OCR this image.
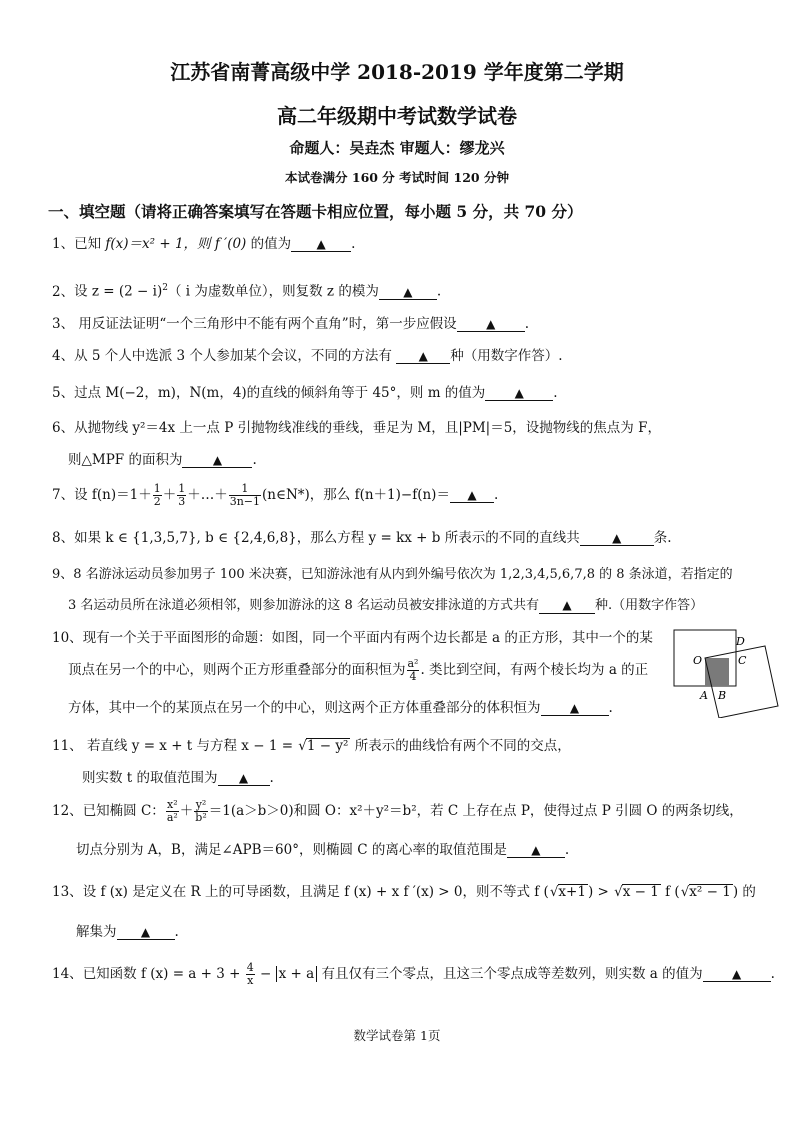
江苏省南菁高级中学 2018-2019 学年度第二学期
高二年级期中考试数学试卷
命题人：吴垚杰 审题人：缪龙兴
本试卷满分 160 分 考试时间 120 分钟
一、填空题（请将正确答案填写在答题卡相应位置，每小题 5 分，共 70 分）
1、已知 f(x)＝x² + 1，则 f ′(0) 的值为 ▲ .
2、设 $z = (2 - i)^2$（ i 为虚数单位），则复数 z 的模为 ▲ .
3、 用反证法证明“一个三角形中不能有两个直角”时，第一步应假设 ▲ .
4、从 5 个人中选派 3 个人参加某个会议，不同的方法有 ▲ 种（用数字作答）.
5、过点 M(−2，m)，N(m，4)的直线的倾斜角等于 45°，则 m 的值为 ▲ .
6、从抛物线 y²＝4x 上一点 P 引抛物线准线的垂线，垂足为 M，且|PM|＝5，设抛物线的焦点为 F，
则△MPF 的面积为	▲ .
7、设 $f(n)=1+ \frac{1}{2} + \frac{1}{3}$ ＋…＋ $\frac{1}{3n-1}$ (n∈N*)，那么 f(n＋1)−f(n)＝ ▲ .
8、如果 k ∈ {1,3,5,7}, b ∈ {2,4,6,8}，那么方程 y = kx + b 所表示的不同的直线共	▲ 条.
9、8 名游泳运动员参加男子 100 米决赛，已知游泳池有从内到外编号依次为 1,2,3,4,5,6,7,8 的 8 条泳道，若指定的
3 名运动员所在泳道必须相邻，则参加游泳的这 8 名运动员被安排泳道的方式共有 ▲ 种.（用数字作答）
10、现有一个关于平面图形的命题：如图，同一个平面内有两个边长都是 a 的正方形，其中一个的某
顶点在另一个的中心，则两个正方形重叠部分的面积恒为 $\frac{\text{a²}}{4}$ . 类比到空间，有两个棱长均为 a 的正
方体，其中一个的某顶点在另一个的中心，则这两个正方体重叠部分的体积恒为 ▲ .
D
O	C
A B
11、 若直线 y = x + t 与方程 x − 1 = √ 1 − y² 所表示的曲线恰有两个不同的交点，
则实数 t 的取值范围为 ▲ .
12、已知椭圆 C： $\frac{\text{x²}}{\text{a²}} + \frac{\text{y²}}{\text{b²}} =1(a>b>0)$和圆 O：x²＋y²＝b²，若 C 上存在点 P，使得过点 P 引圆 O 的两条切线，
切点分别为 A，B，满足∠APB＝60°，则椭圆 C 的离心率的取值范围是 ▲ .
13、设 f (x) 是定义在 R 上的可导函数，且满足 f (x) + x f ′(x) > 0，则不等式 f ( √ x+1 ) > √ x − 1 f ( √ x² − 1 ) 的
解集为 ▲ .
14、已知函数 f $(x) = a + 3 + \frac{4}{x} - x + a$ 有且仅有三个零点，且这三个零点成等差数列，则实数 a 的值为 ▲ .
数学试卷第 1页
